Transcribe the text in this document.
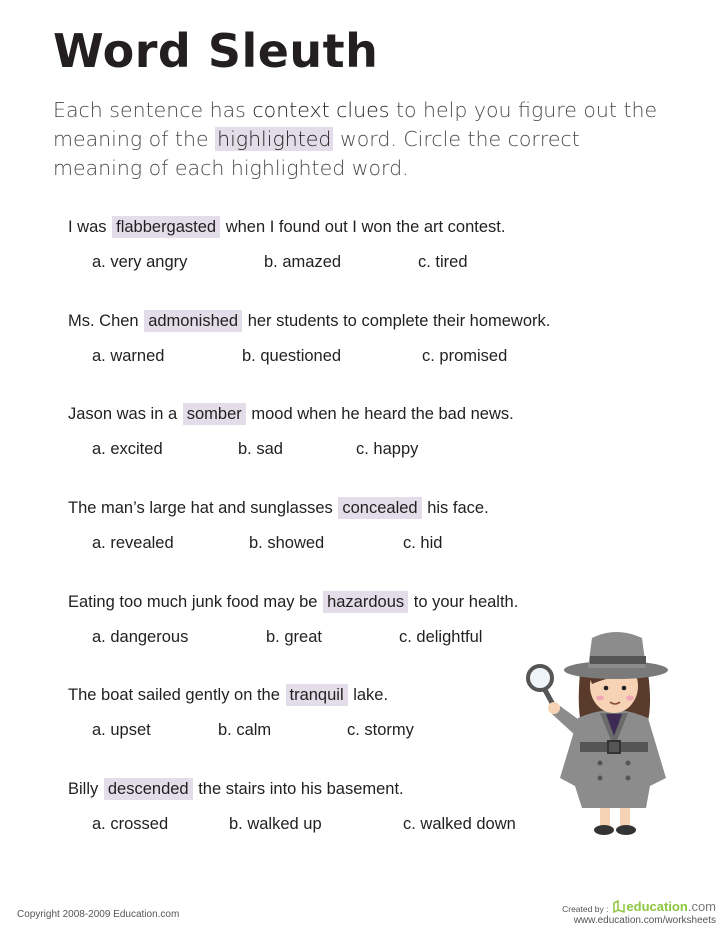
Word Sleuth

Each sentence has context clues to help you figure out the meaning of the highlighted word. Circle the correct meaning of each highlighted word.

I was flabbergasted when I found out I won the art contest.
a. very angry	b. amazed	c. tired
Ms. Chen admonished her students to complete their homework.
a. warned	b. questioned	c. promised
Jason was in a somber mood when he heard the bad news.
a. excited	b. sad	c. happy
The man’s large hat and sunglasses concealed his face.
a. revealed	b. showed	c. hid
Eating too much junk food may be hazardous to your health.
a. dangerous	b. great	c. delightful
The boat sailed gently on the tranquil lake.
a. upset	b. calm	c. stormy
Billy descended the stairs into his basement.
a. crossed	b. walked up	c. walked down
Copyright 2008-2009 Education.com	Created by : education .com
www.education.com/worksheets
